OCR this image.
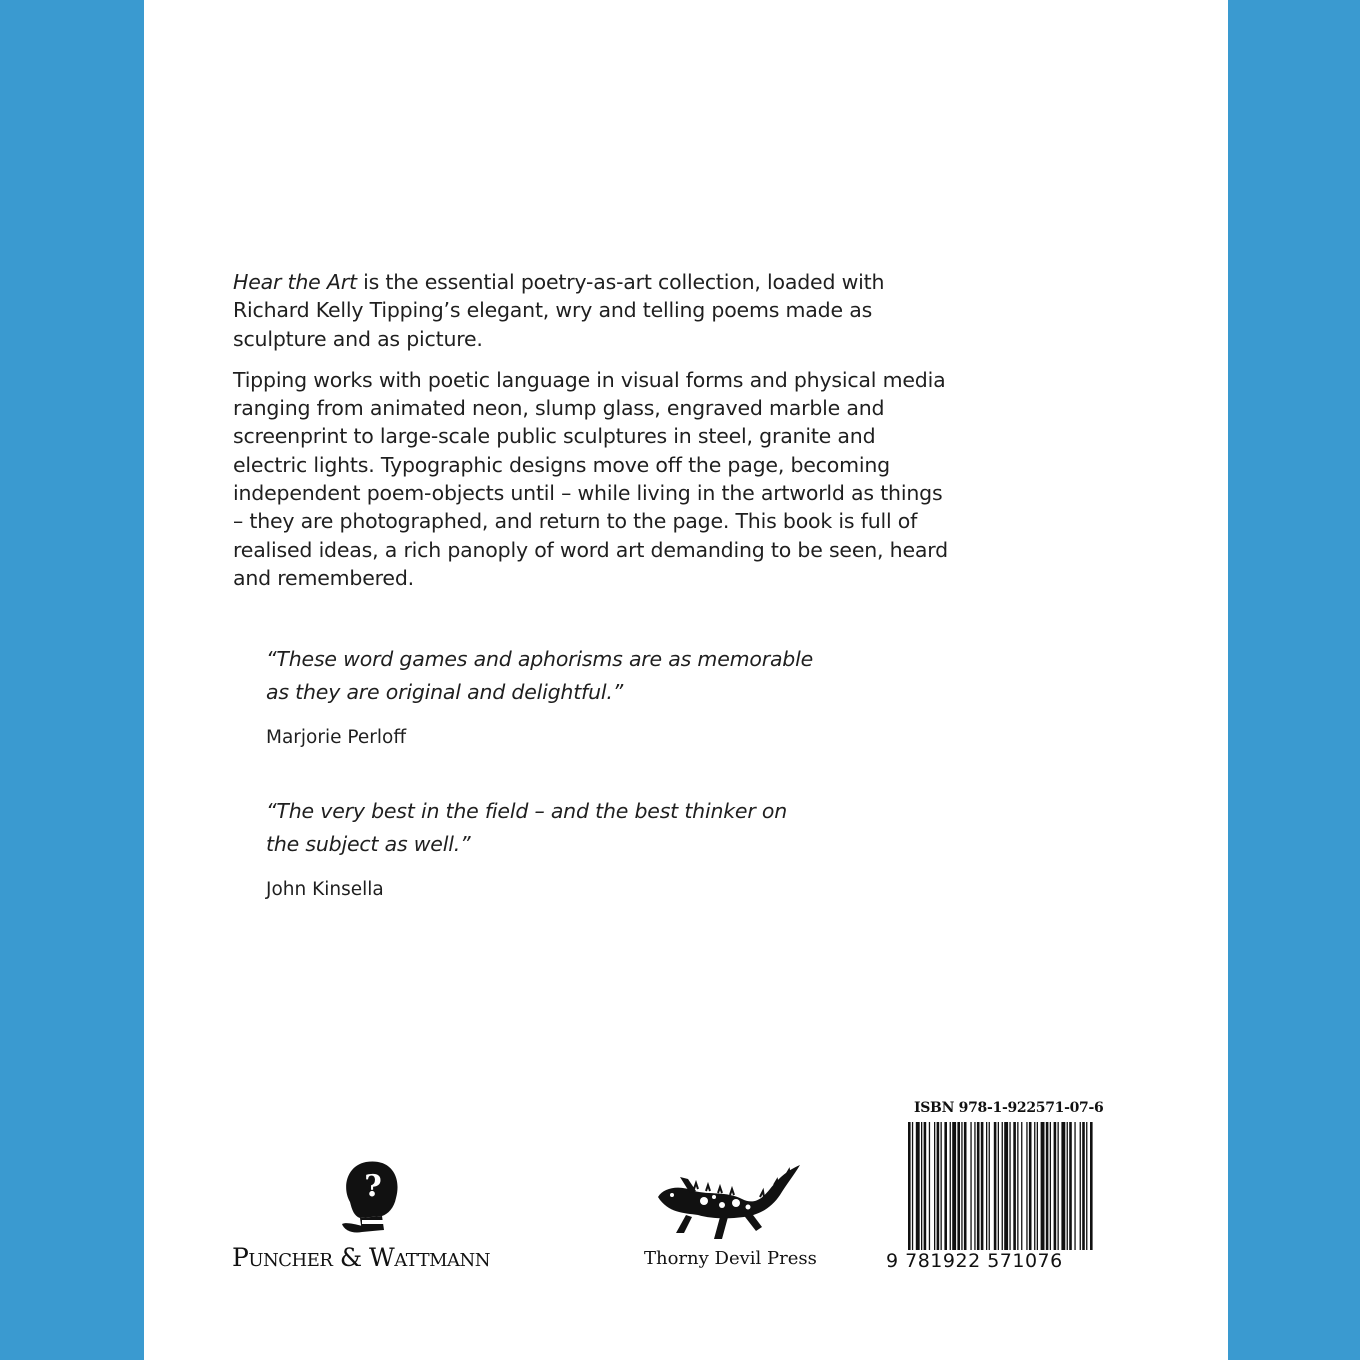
Hear the Art is the essential poetry-as-art collection, loaded with Richard Kelly Tipping’s elegant, wry and telling poems made as sculpture and as picture.

Tipping works with poetic language in visual forms and physical media ranging from animated neon, slump glass, engraved marble and screenprint to large-scale public sculptures in steel, granite and electric lights. Typographic designs move off the page, becoming independent poem-objects until – while living in the artworld as things – they are photographed, and return to the page. This book is full of realised ideas, a rich panoply of word art demanding to be seen, heard and remembered.

“These word games and aphorisms are as memorable as they are original and delightful.”
Marjorie Perloff
“The very best in the field – and the best thinker on the subject as well.”
John Kinsella
?
Puncher & Wattmann	Thorny Devil Press
ISBN 978-1-922571-07-6
9 781922 571076
